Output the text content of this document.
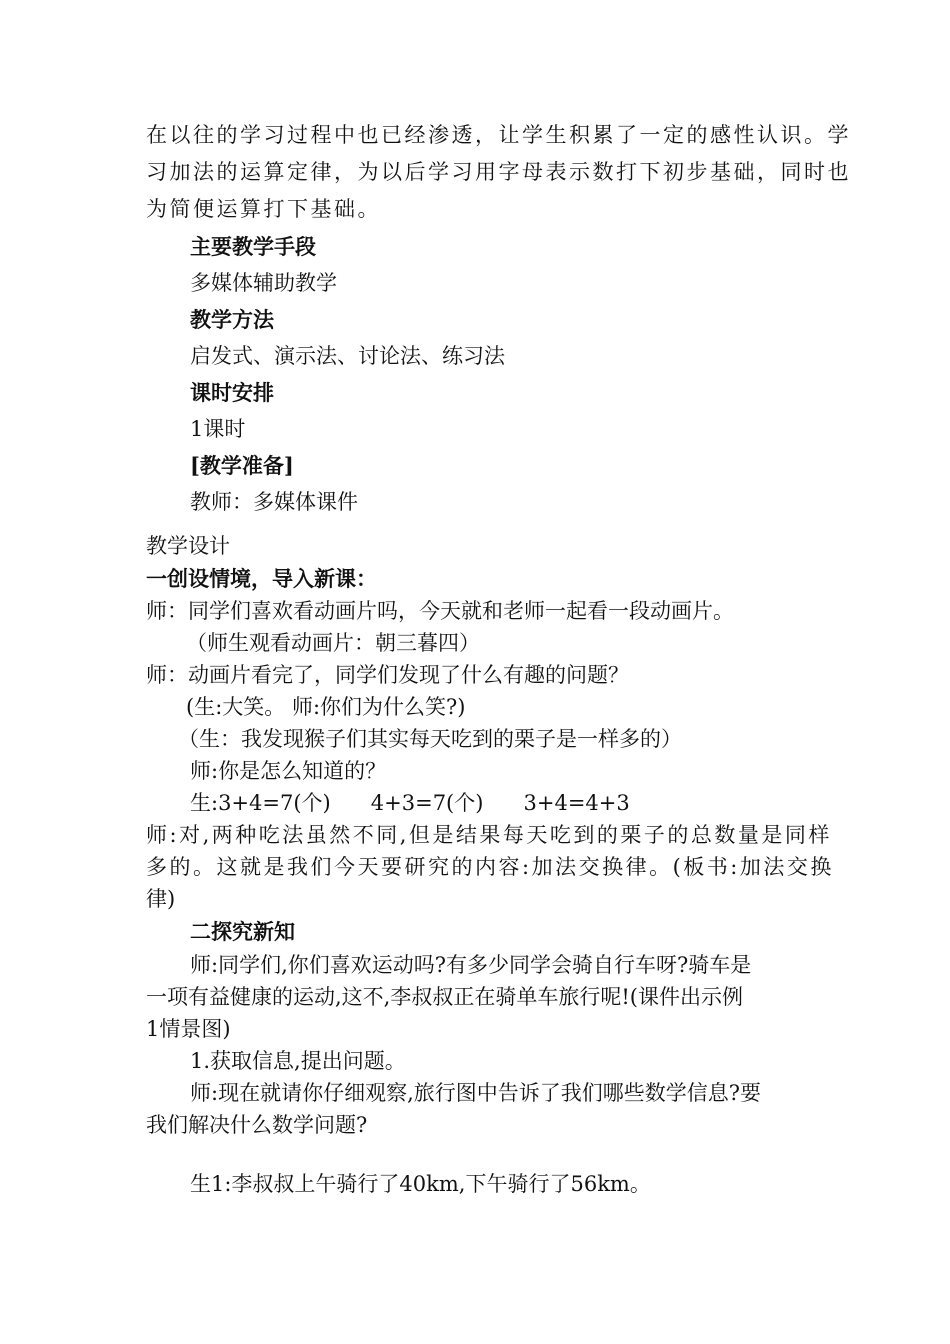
在以往的学习过程中也已经渗透，让学生积累了一定的感性认识。学
习加法的运算定律，为以后学习用字母表示数打下初步基础，同时也
为简便运算打下基础。
主要教学手段
多媒体辅助教学
教学方法
启发式、演示法、讨论法、练习法
课时安排
1课时
[教学准备]
教师：多媒体课件
教学设计
一创设情境，导入新课：
师：同学们喜欢看动画片吗，今天就和老师一起看一段动画片。
（师生观看动画片：朝三暮四）
师：动画片看完了，同学们发现了什么有趣的问题？
(生:大笑。 师:你们为什么笑?)
（生：我发现猴子们其实每天吃到的栗子是一样多的）
师:你是怎么知道的？
生:3+4=7(个)      4+3=7(个)      3+4=4+3
师:对,两种吃法虽然不同,但是结果每天吃到的栗子的总数量是同样
多的。这就是我们今天要研究的内容:加法交换律。(板书:加法交换
律)
二探究新知
师:同学们,你们喜欢运动吗?有多少同学会骑自行车呀?骑车是
一项有益健康的运动,这不,李叔叔正在骑单车旅行呢!(课件出示例
1情景图)
1.获取信息,提出问题。
师:现在就请你仔细观察,旅行图中告诉了我们哪些数学信息?要
我们解决什么数学问题?
生1:李叔叔上午骑行了40km,下午骑行了56km。
